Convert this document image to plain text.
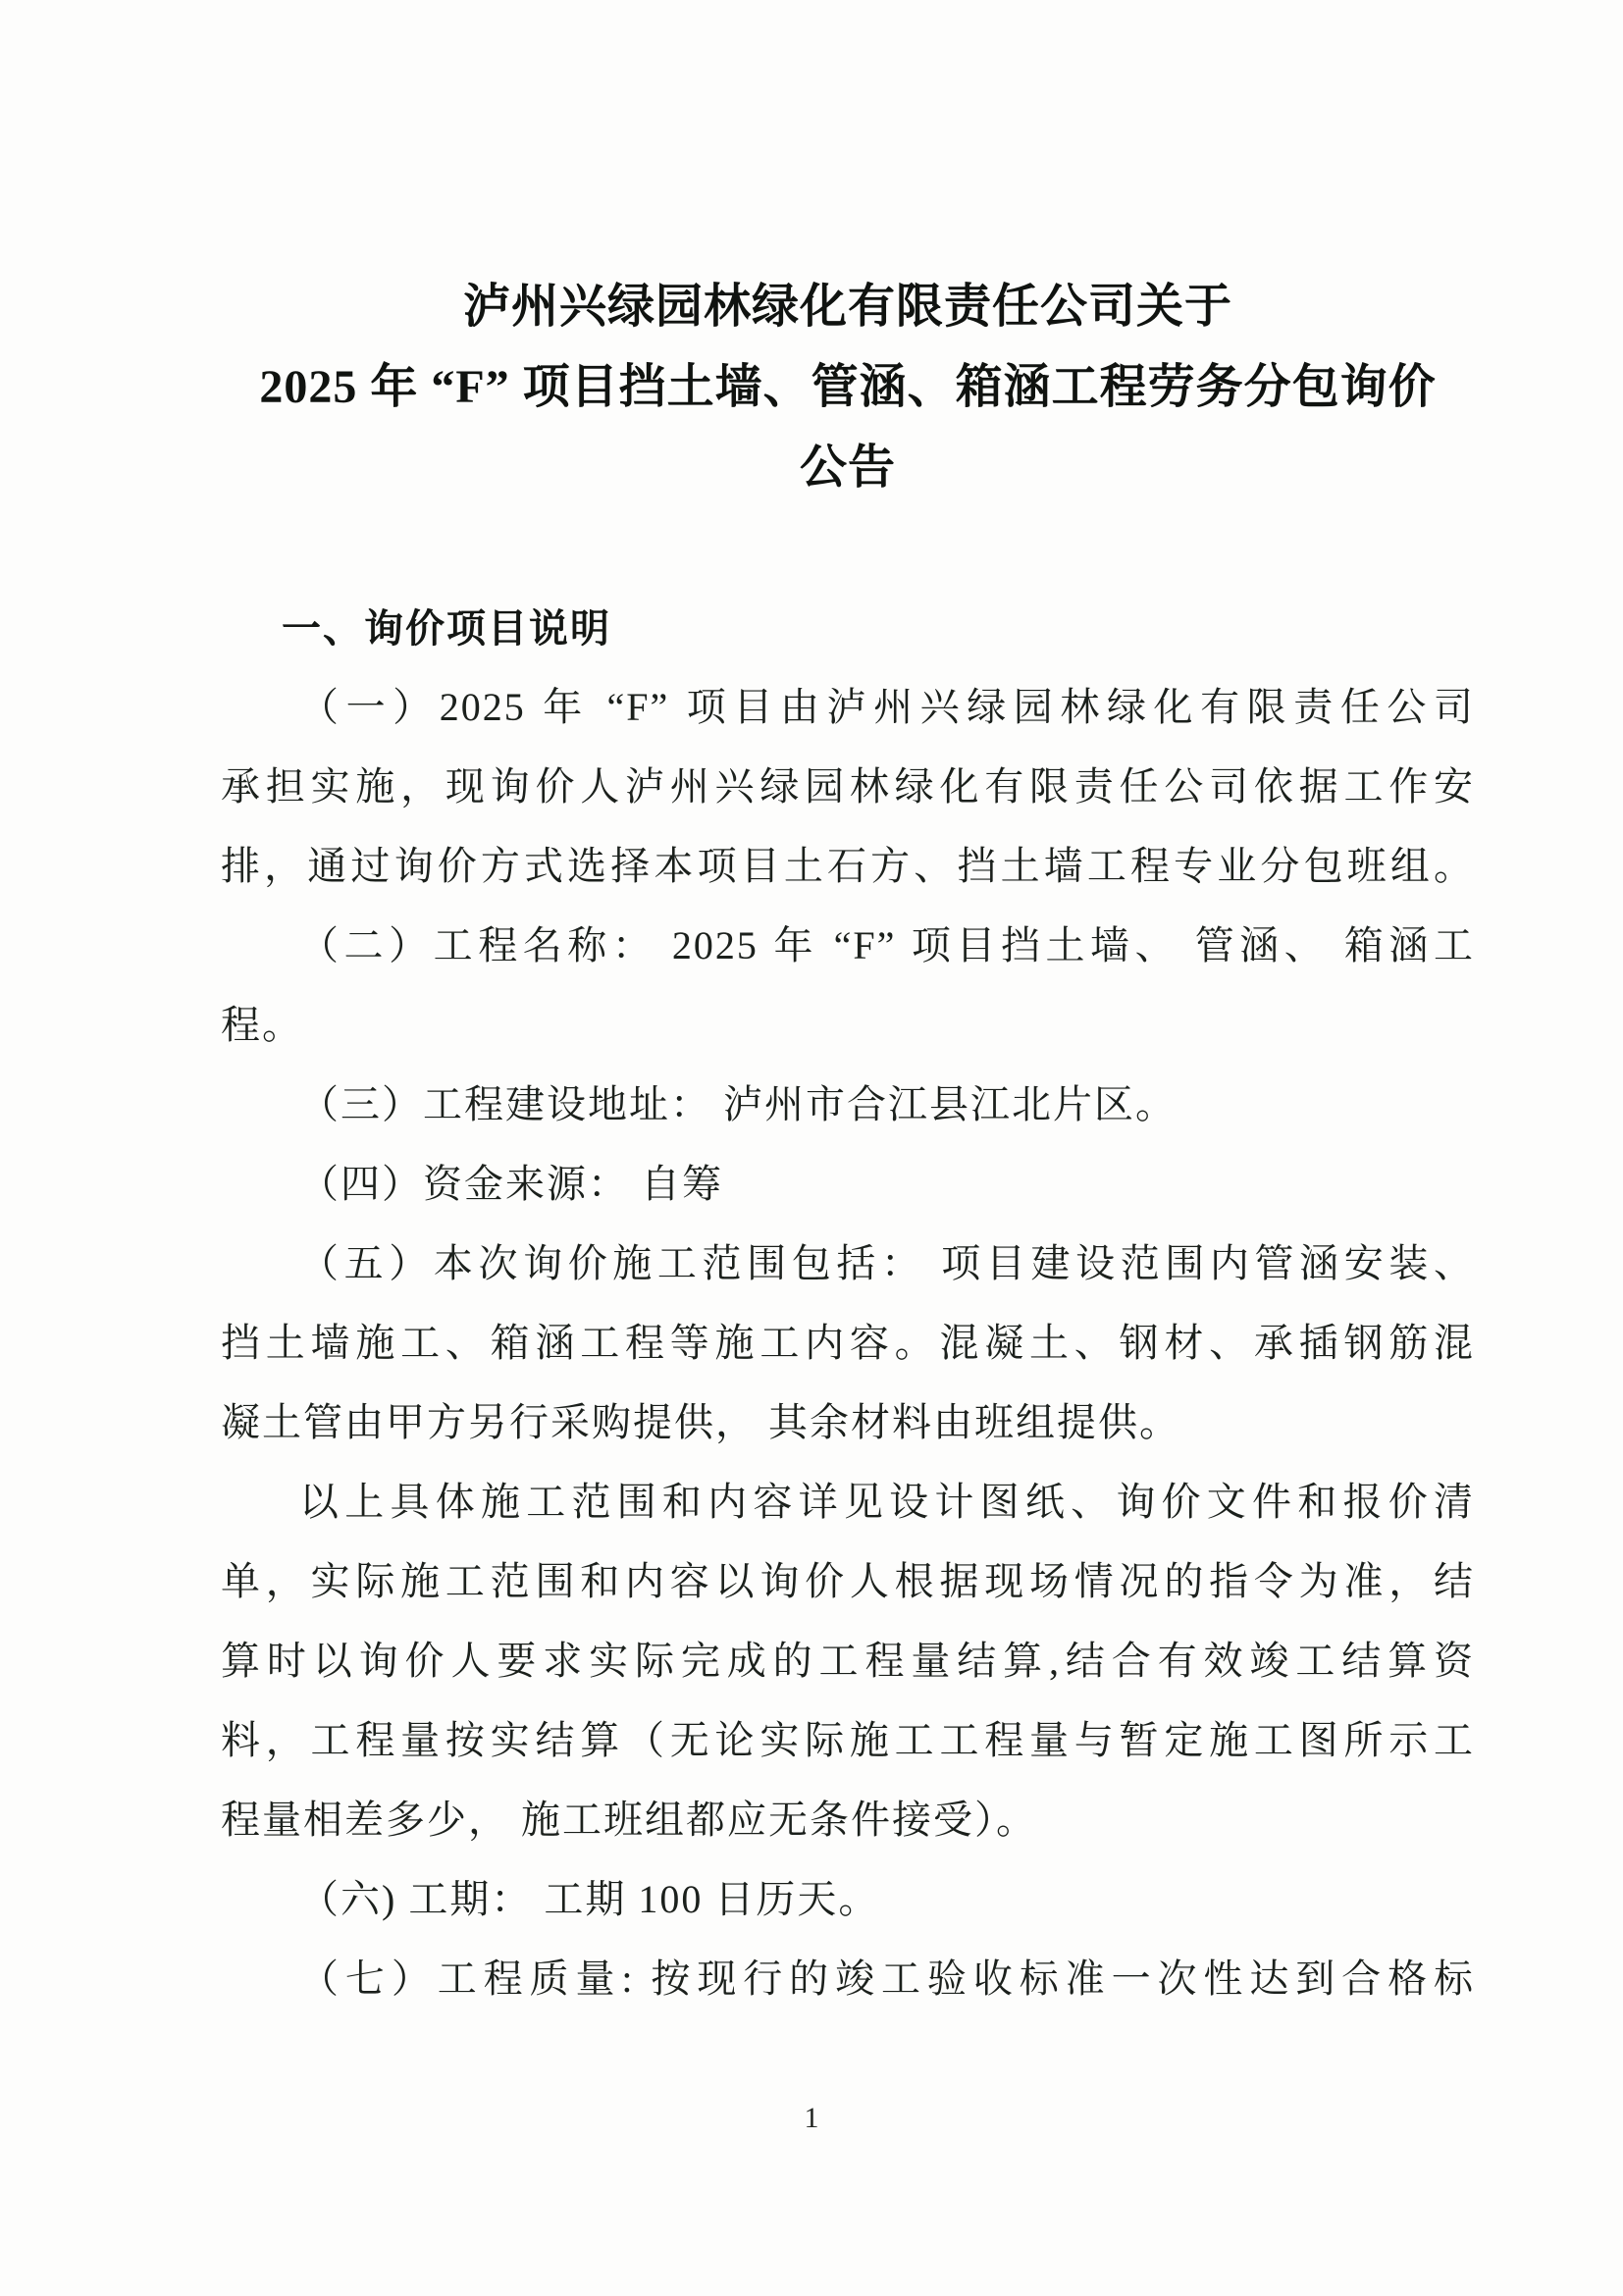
泸州兴绿园林绿化有限责任公司关于
2025 年 “F” 项目挡土墙、管涵、箱涵工程劳务分包询价
公告
一、询价项目说明
（一）2025 年 “F” 项目由泸州兴绿园林绿化有限责任公司
承担实施，现询价人泸州兴绿园林绿化有限责任公司依据工作安
排，通过询价方式选择本项目土石方、挡土墙工程专业分包班组。
（二）工程名称： 2025 年 “F” 项目挡土墙、 管涵、 箱涵工
程。
（三）工程建设地址： 泸州市合江县江北片区。
（四）资金来源： 自筹
（五）本次询价施工范围包括： 项目建设范围内管涵安装、
挡土墙施工、箱涵工程等施工内容。混凝土、钢材、承插钢筋混
凝土管由甲方另行采购提供， 其余材料由班组提供。
以上具体施工范围和内容详见设计图纸、询价文件和报价清
单，实际施工范围和内容以询价人根据现场情况的指令为准，结
算时以询价人要求实际完成的工程量结算,结合有效竣工结算资
料，工程量按实结算（无论实际施工工程量与暂定施工图所示工
程量相差多少， 施工班组都应无条件接受）。
（六) 工期： 工期 100 日历天。
（七）工程质量: 按现行的竣工验收标准一次性达到合格标
1
